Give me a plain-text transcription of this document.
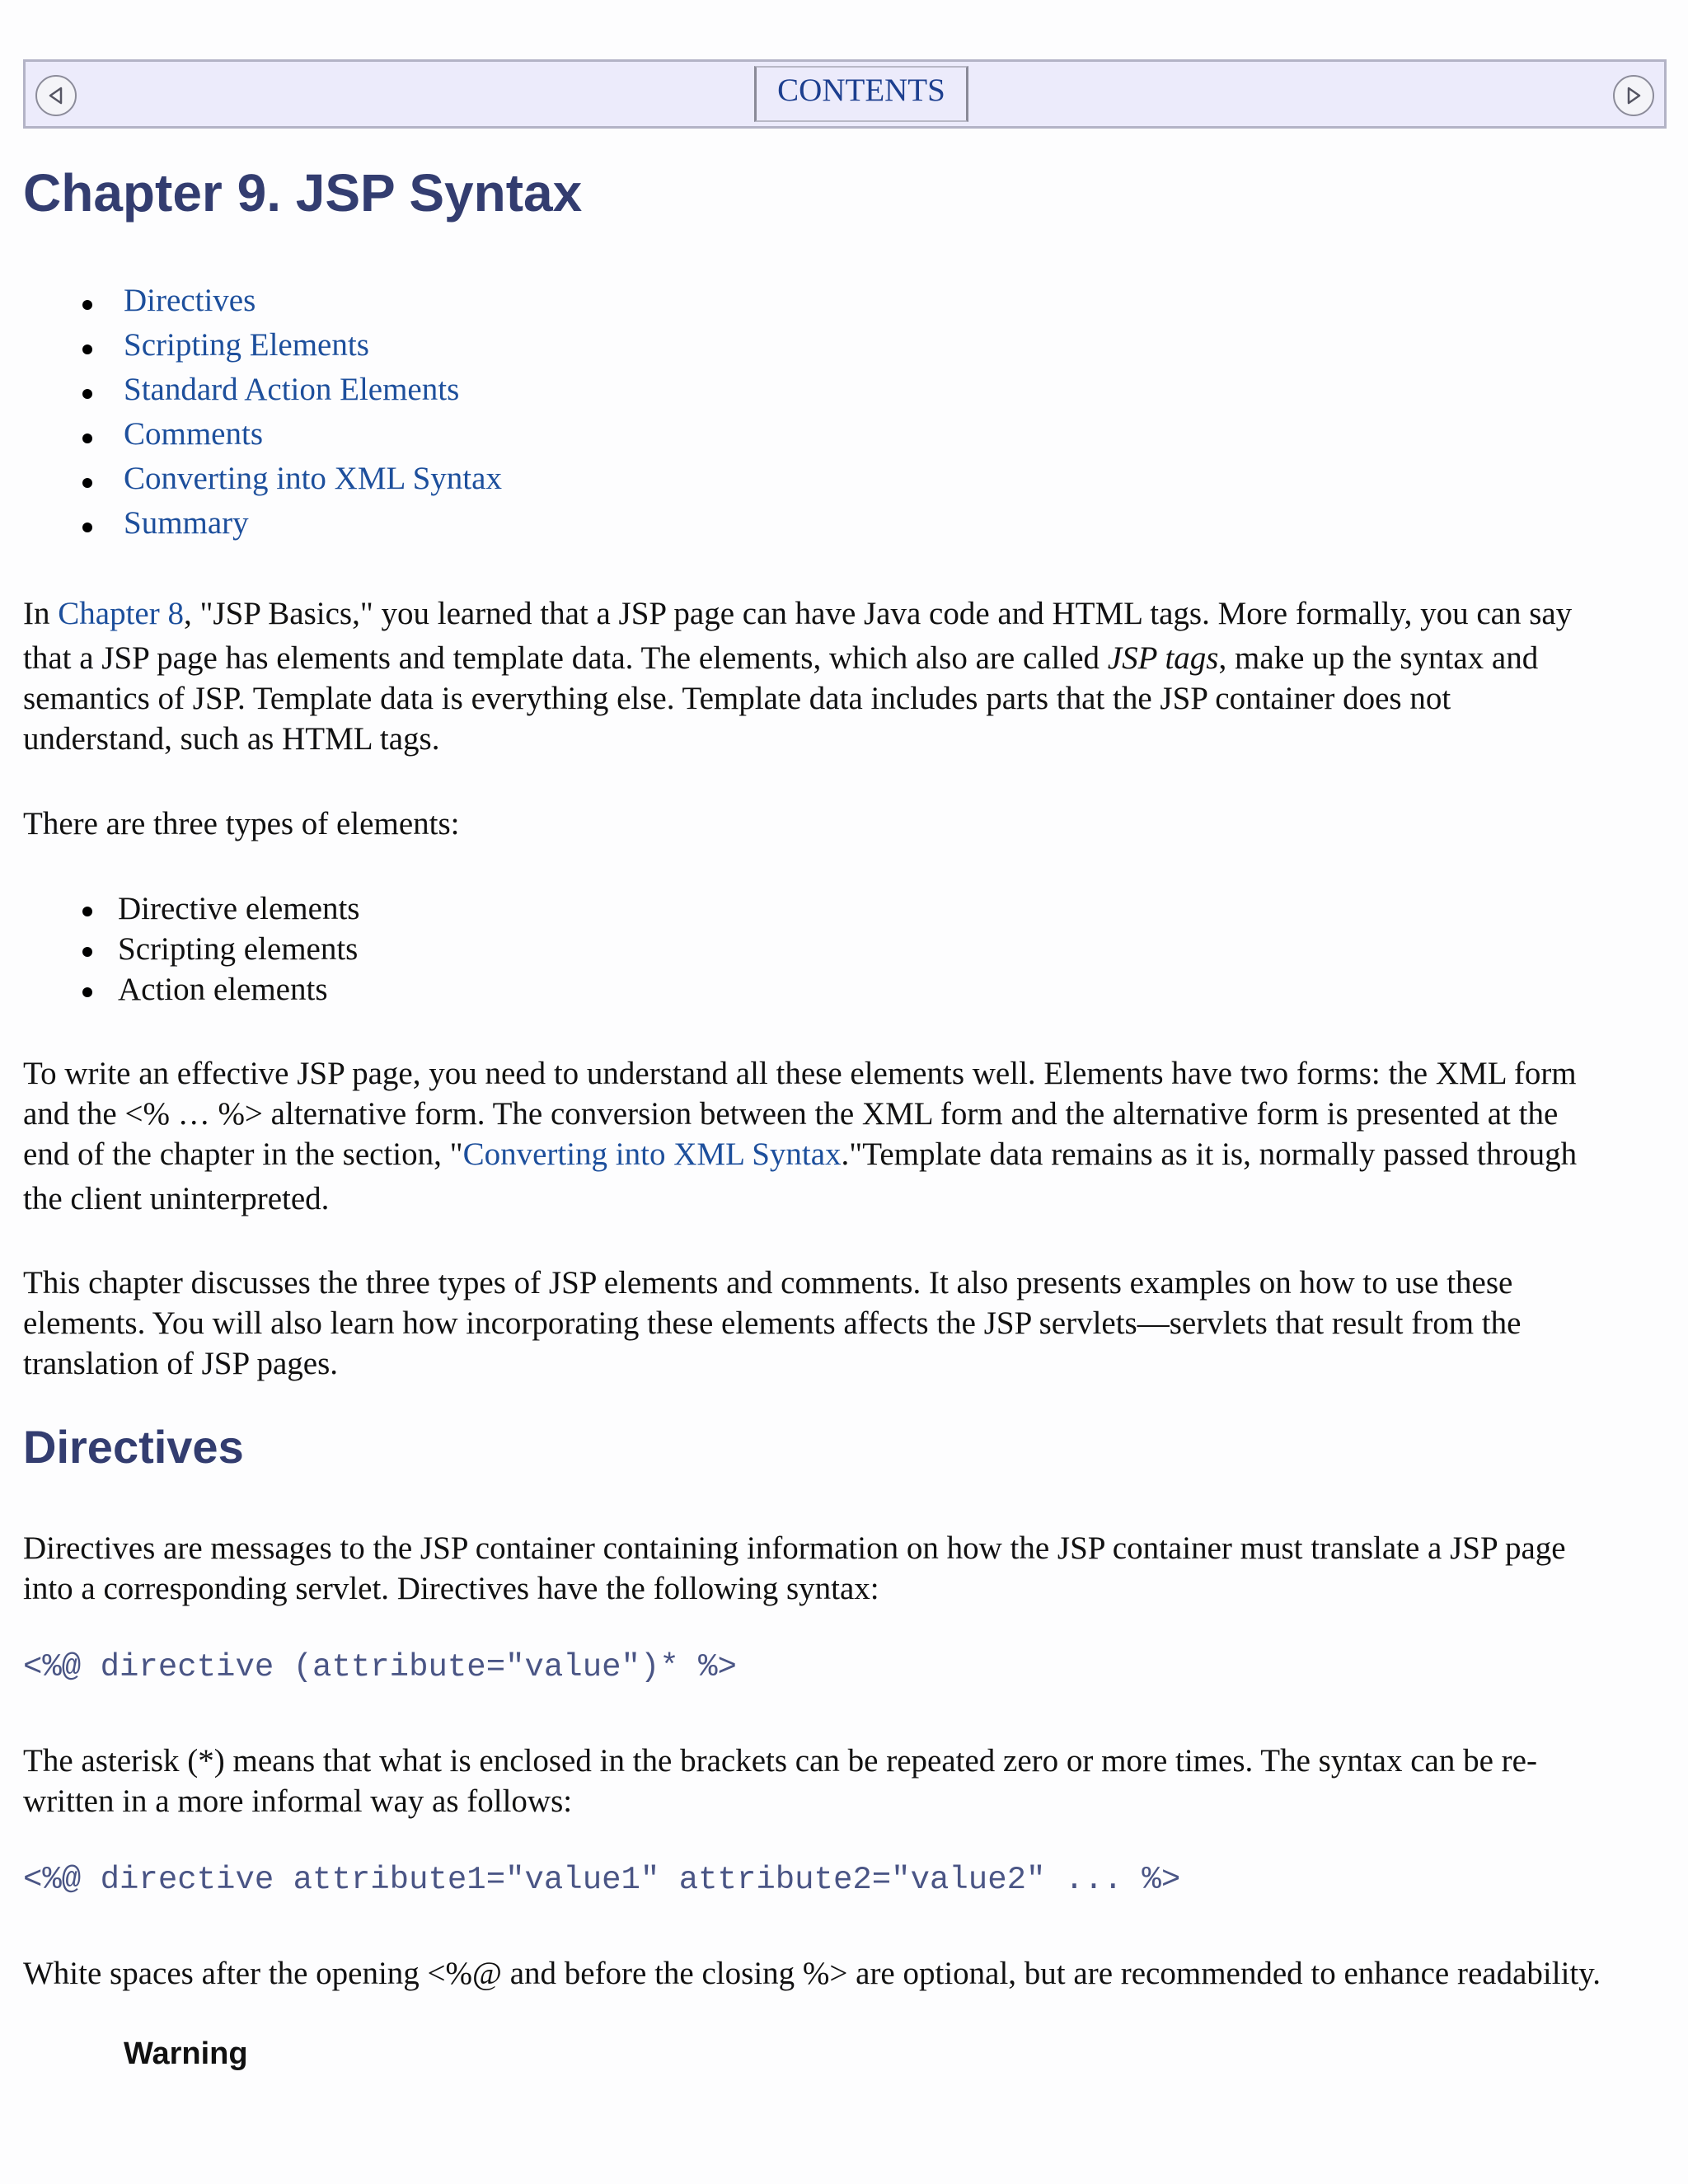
CONTENTS
Chapter 9. JSP Syntax
Directives
Scripting Elements
Standard Action Elements
Comments
Converting into XML Syntax
Summary

In Chapter 8, "JSP Basics," you learned that a JSP page can have Java code and HTML tags. More formally, you can say

that a JSP page has elements and template data. The elements, which also are called JSP tags, make up the syntax and

semantics of JSP. Template data is everything else. Template data includes parts that the JSP container does not

understand, such as HTML tags.

There are three types of elements:

Directive elements
Scripting elements
Action elements

To write an effective JSP page, you need to understand all these elements well. Elements have two forms: the XML form

and the <% … %> alternative form. The conversion between the XML form and the alternative form is presented at the

end of the chapter in the section, "Converting into XML Syntax."Template data remains as it is, normally passed through

the client uninterpreted.

This chapter discusses the three types of JSP elements and comments. It also presents examples on how to use these

elements. You will also learn how incorporating these elements affects the JSP servlets—servlets that result from the

translation of JSP pages.

Directives

Directives are messages to the JSP container containing information on how the JSP container must translate a JSP page

into a corresponding servlet. Directives have the following syntax:

<%@ directive (attribute="value")* %>

The asterisk (*) means that what is enclosed in the brackets can be repeated zero or more times. The syntax can be re-

written in a more informal way as follows:

<%@ directive attribute1="value1" attribute2="value2" ... %>

White spaces after the opening <%@ and before the closing %> are optional, but are recommended to enhance readability.

Warning
